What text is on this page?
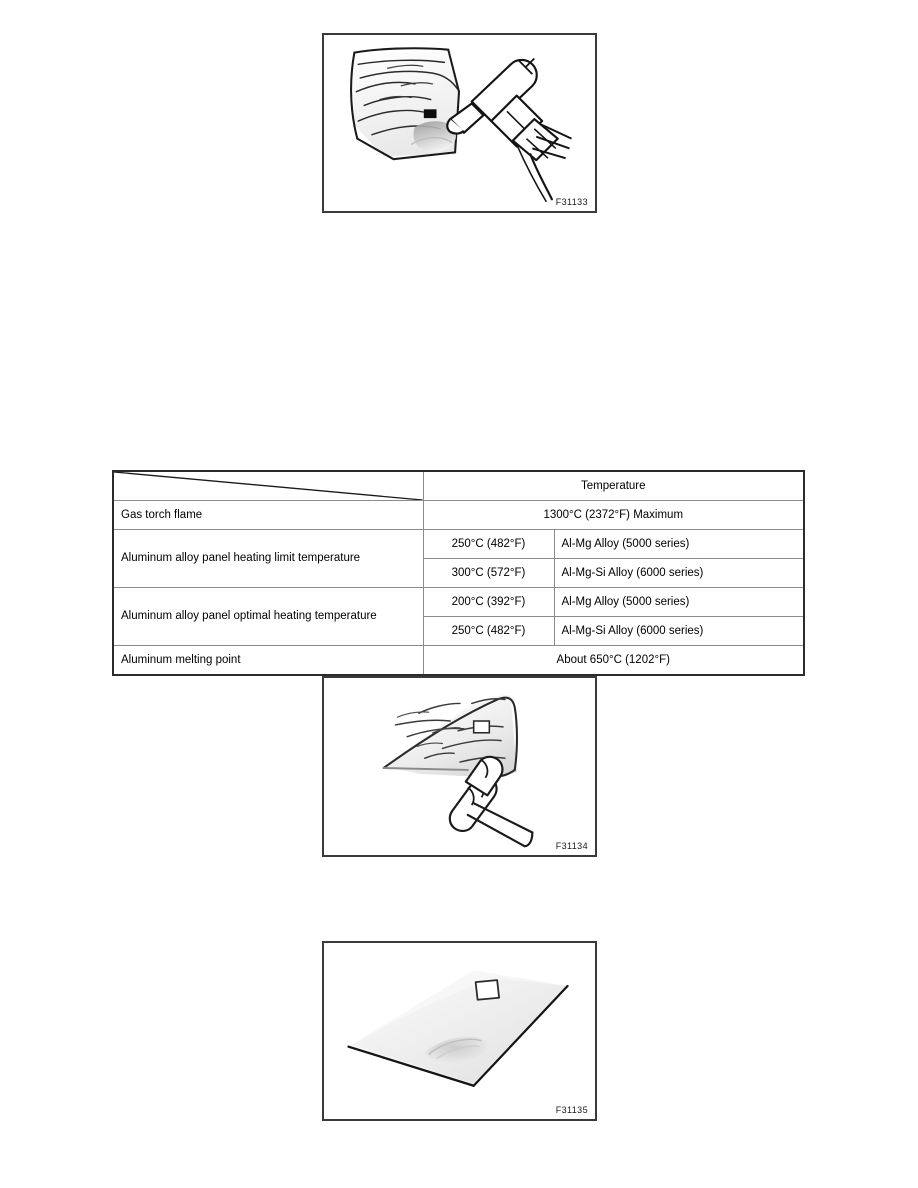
F31133
	Temperature	
Gas torch flame	1300°C (2372°F) Maximum	
Aluminum alloy panel heating limit temperature	250°C (482°F)	Al-Mg Alloy (5000 series)
	300°C (572°F)	Al-Mg-Si Alloy (6000 series)
Aluminum alloy panel optimal heating temperature	200°C (392°F)	Al-Mg Alloy (5000 series)
	250°C (482°F)	Al-Mg-Si Alloy (6000 series)
Aluminum melting point	About 650°C (1202°F)	
F31134
F31135
